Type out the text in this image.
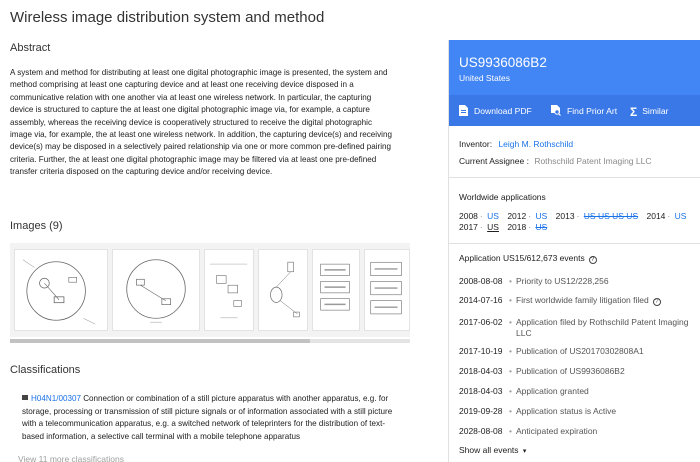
Wireless image distribution system and method
Abstract
A system and method for distributing at least one digital photographic image is presented, the system and method comprising at least one capturing device and at least one receiving device disposed in a communicative relation with one another via at least one wireless network. In particular, the capturing device is structured to capture the at least one digital photographic image via, for example, a capture assembly, whereas the receiving device is cooperatively structured to receive the digital photographic image via, for example, the at least one wireless network. In addition, the capturing device(s) and receiving device(s) may be disposed in a selectively paired relationship via one or more common pre-defined pairing criteria. Further, the at least one digital photographic image may be filtered via at least one pre-defined transfer criteria disposed on the capturing device and/or receiving device.
Images (9)
Classifications
H04N1/00307 Connection or combination of a still picture apparatus with another apparatus, e.g. for storage, processing or transmission of still picture signals or of information associated with a still picture with a telecommunication apparatus, e.g. a switched network of teleprinters for the distribution of text-based information, a selective call terminal with a mobile telephone apparatus
View 11 more classifications
US9936086B2
United States
Download PDF	Find Prior Art Σ Similar
Inventor: Leigh M. Rothschild
Current Assignee : Rothschild Patent Imaging LLC
Worldwide applications
2008 · US 2012 · US 2013 · US US US US 2014 · US
2017 · US 2018 · US
Application US15/612,673 events ?
2008-08-08 • Priority to US12/228,256
2014-07-16 • First worldwide family litigation filed ?
2017-06-02 • Application filed by Rothschild Patent Imaging LLC
2017-10-19 • Publication of US20170302808A1
2018-04-03 • Publication of US9936086B2
2018-04-03 • Application granted
2019-09-28 • Application status is Active
2028-08-08 • Anticipated expiration
Show all events ▾
